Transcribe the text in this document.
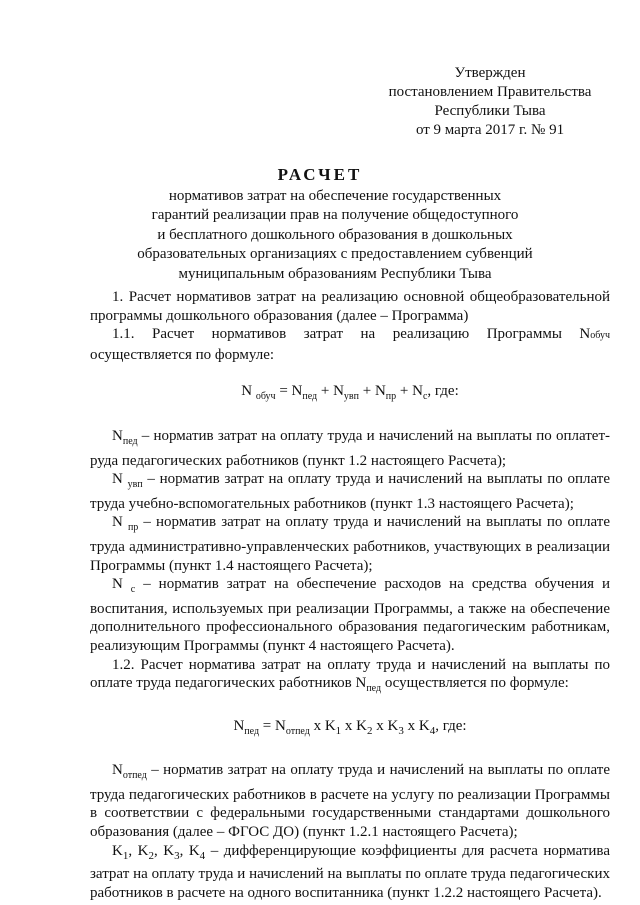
Утвержден
постановлением Правительства
Республики Тыва
от 9 марта 2017 г. № 91
РАСЧЕТ
нормативов затрат на обеспечение государственных
гарантий реализации прав на получение общедоступного
и бесплатного дошкольного образования в дошкольных
образовательных организациях с предоставлением субвенций
муниципальным образованиям Республики Тыва

1. Расчет нормативов затрат на реализацию основной общеобразовательной программы дошкольного образования (далее – Программа)

1.1. Расчет нормативов затрат на реализацию Программы Nобуч осуществляется по формуле:

N $_{обуч} = N_{пед} + N_{увп} + N_{пр} + N_с$, где:

$N_{пед}$ – норматив затрат на оплату труда и начислений на выплаты по оплатет-руда педагогических работников (пункт 1.2 настоящего Расчета);

N $_{увп}$ – норматив затрат на оплату труда и начислений на выплаты по оплате труда учебно-вспомогательных работников (пункт 1.3 настоящего Расчета);

N $_{пр}$ – норматив затрат на оплату труда и начислений на выплаты по оплате труда административно-управленческих работников, участвующих в реализации Программы (пункт 1.4 настоящего Расчета);

N $_с$ – норматив затрат на обеспечение расходов на средства обучения и воспитания, используемых при реализации Программы, а также на обеспечение дополнительного профессионального образования педагогическим работникам, реализующим Программы (пункт 4 настоящего Расчета).

1.2. Расчет норматива затрат на оплату труда и начислений на выплаты по оплате труда педагогических работников $N_{пед}$ осуществляется по формуле:

$N_{пед} = N_{отпед}$ x $K_1$ x $K_2$ x $K_3$ x $K_4$, где:

$N_{отпед}$ – норматив затрат на оплату труда и начислений на выплаты по оплате труда педагогических работников в расчете на услугу по реализации Программы в соответствии с федеральными государственными стандартами дошкольного образования (далее – ФГОС ДО) (пункт 1.2.1 настоящего Расчета);

$K_1$, $K_2$, $K_3$, $K_4$ – дифференцирующие коэффициенты для расчета норматива затрат на оплату труда и начислений на выплаты по оплате труда педагогических работников в расчете на одного воспитанника (пункт 1.2.2 настоящего Расчета).
